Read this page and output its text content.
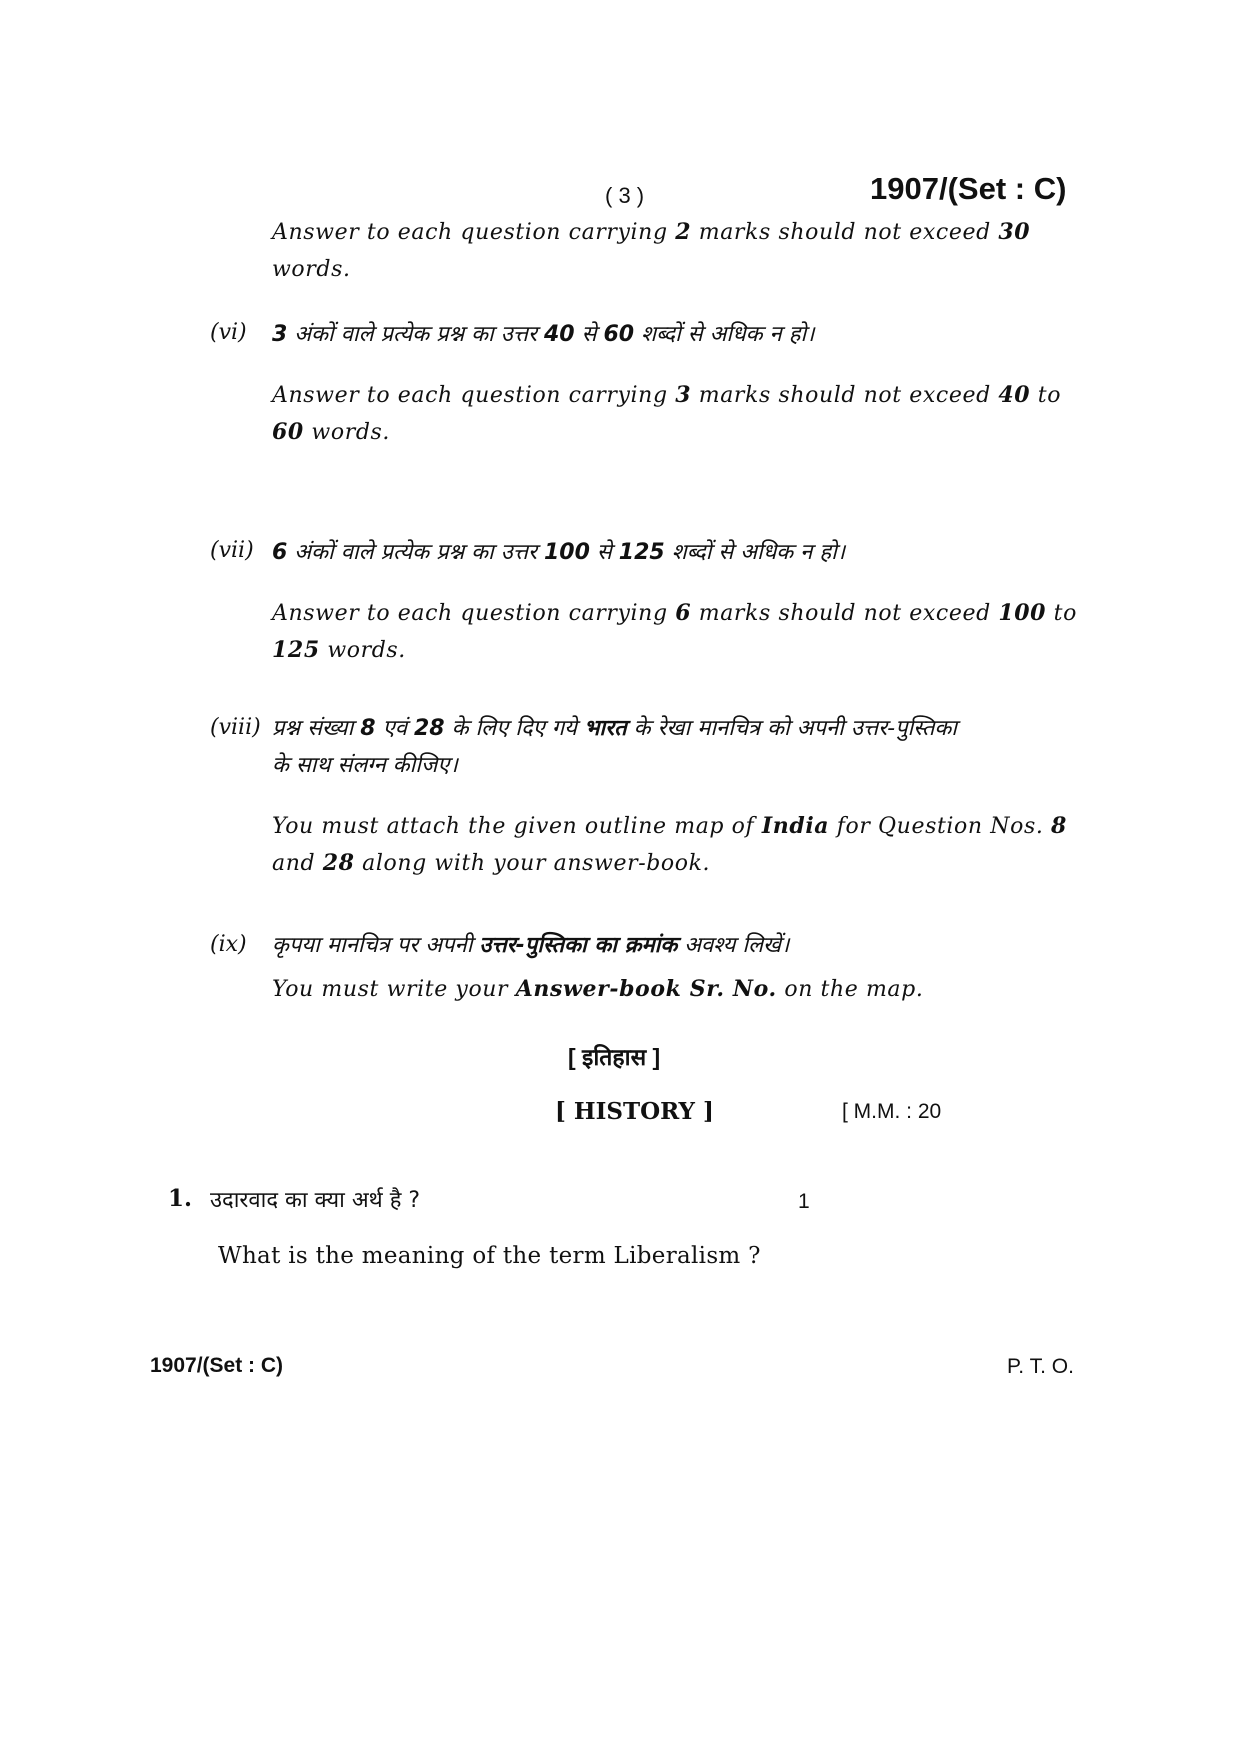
( 3 )	1907/(Set : C)
Answer to each question carrying 2 marks should not exceed 30
words.
(vi)	3 अंकों वाले प्रत्येक प्रश्न का उत्तर 40 से 60 शब्दों से अधिक न हो।
Answer to each question carrying 3 marks should not exceed 40 to
60 words.
(vii) 6 अंकों वाले प्रत्येक प्रश्न का उत्तर 100 से 125 शब्दों से अधिक न हो।
Answer to each question carrying 6 marks should not exceed 100 to
125 words.
(viii) प्रश्न संख्या 8 एवं 28 के लिए दिए गये भारत के रेखा मानचित्र को अपनी उत्तर-पुस्तिका
के साथ संलग्न कीजिए।
You must attach the given outline map of India for Question Nos. 8
and 28 along with your answer-book.
(ix)	कृपया मानचित्र पर अपनी उत्तर-पुस्तिका का क्रमांक अवश्य लिखें।
You must write your Answer-book Sr. No. on the map.
[ इतिहास ]
[ HISTORY ]	[ M.M. : 20
1. उदारवाद का क्या अर्थ है ?	1
What is the meaning of the term Liberalism ?
1907/(Set : C)	P. T. O.
